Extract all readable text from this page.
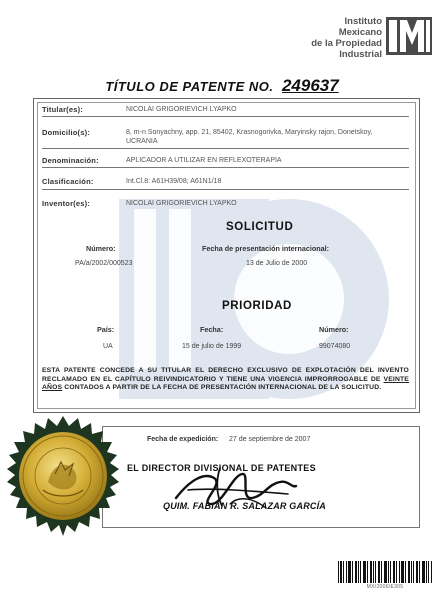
Instituto
Mexicano
de la Propiedad
Industrial
TÍTULO DE PATENTE NO. 249637
Titular(es):	NICOLAI GRIGORIEVICH LYAPKO
Domicilio(s):	8, m-n Sonyachny, app. 21, 85402, Krasnogorivka, Maryinsky rajon, Donetskoy,
UCRANIA
Denominación:	APLICADOR A UTILIZAR EN REFLEXOTERAPIA
Clasificación:	Int.Cl.8: A61H39/08; A61N1/18
Inventor(es):	NICOLAI GRIGORIEVICH LYAPKO
SOLICITUD
Número:	Fecha de presentación internacional:
PA/a/2002/000523	13 de Julio de 2000
PRIORIDAD
País:	Fecha:	Número:
UA	15 de julio de 1999	99074080
ESTA PATENTE CONCEDE A SU TITULAR EL DERECHO EXCLUSIVO DE EXPLOTACIÓN DEL INVENTO RECLAMADO EN EL CAPÍTULO REIVINDICATORIO Y TIENE UNA VIGENCIA IMPRORROGABLE DE VEINTE AÑOS CONTADOS A PARTIR DE LA FECHA DE PRESENTACIÓN INTERNACIONAL DE LA SOLICITUD.
Fecha de expedición: 27 de septiembre de 2007
EL DIRECTOR DIVISIONAL DE PATENTES
QUIM. FABIAN R. SALAZAR GARCÍA
MX/2006/E305
